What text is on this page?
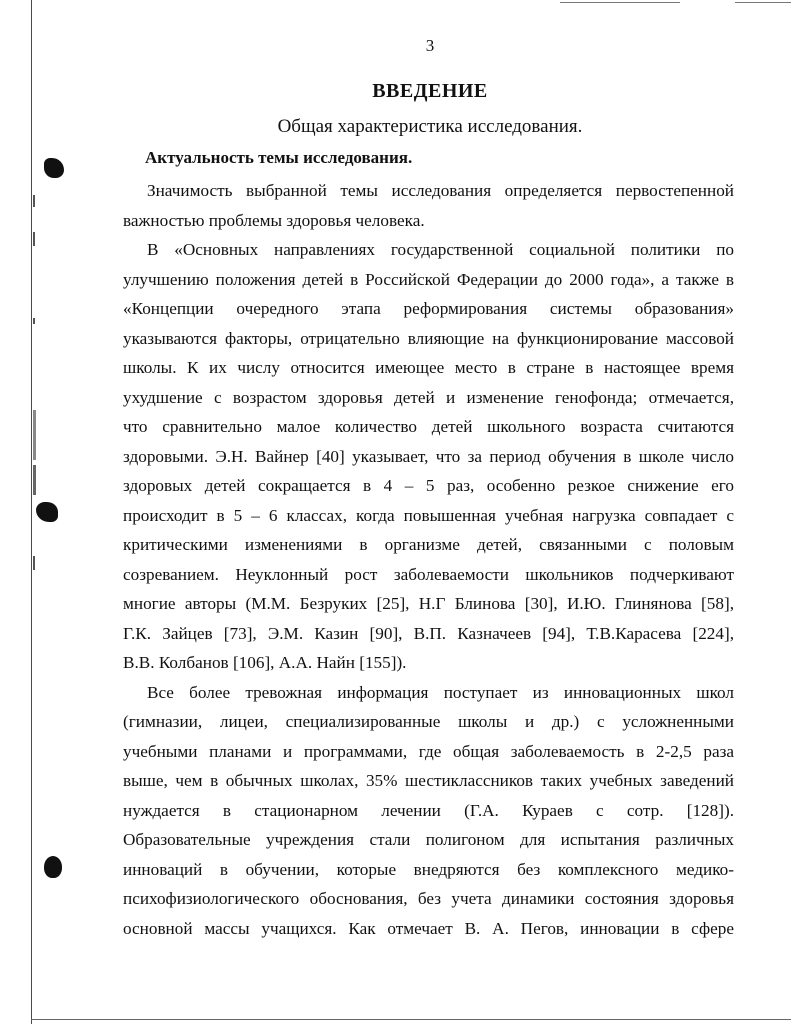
3
ВВЕДЕНИЕ
Общая характеристика исследования.
Актуальность темы исследования.
Значимость выбранной темы исследования определяется первостепенной
важностью проблемы здоровья человека.
В «Основных направлениях государственной социальной политики по
улучшению положения детей в Российской Федерации до 2000 года», а также в
«Концепции очередного этапа реформирования системы образования»
указываются факторы, отрицательно влияющие на функционирование массовой
школы. К их числу относится имеющее место в стране в настоящее время
ухудшение с возрастом здоровья детей и изменение генофонда; отмечается,
что сравнительно малое количество детей школьного возраста считаются
здоровыми. Э.Н. Вайнер [40] указывает, что за период обучения в школе число
здоровых детей сокращается в 4 – 5 раз, особенно резкое снижение его
происходит в 5 – 6 классах, когда повышенная учебная нагрузка совпадает с
критическими изменениями в организме детей, связанными с половым
созреванием. Неуклонный рост заболеваемости школьников подчеркивают
многие авторы (М.М. Безруких [25], Н.Г Блинова [30], И.Ю. Глинянова [58],
Г.К. Зайцев [73], Э.М. Казин [90], В.П. Казначеев [94], Т.В.Карасева [224],
В.В. Колбанов [106], А.А. Найн [155]).
Все более тревожная информация поступает из инновационных школ
(гимназии, лицеи, специализированные школы и др.) с усложненными
учебными планами и программами, где общая заболеваемость в 2-2,5 раза
выше, чем в обычных школах, 35% шестиклассников таких учебных заведений
нуждается в стационарном лечении (Г.А. Кураев с сотр. [128]).
Образовательные учреждения стали полигоном для испытания различных
инноваций в обучении, которые внедряются без комплексного медико-
психофизиологического обоснования, без учета динамики состояния здоровья
основной массы учащихся. Как отмечает В. А. Пегов, инновации в сфере
